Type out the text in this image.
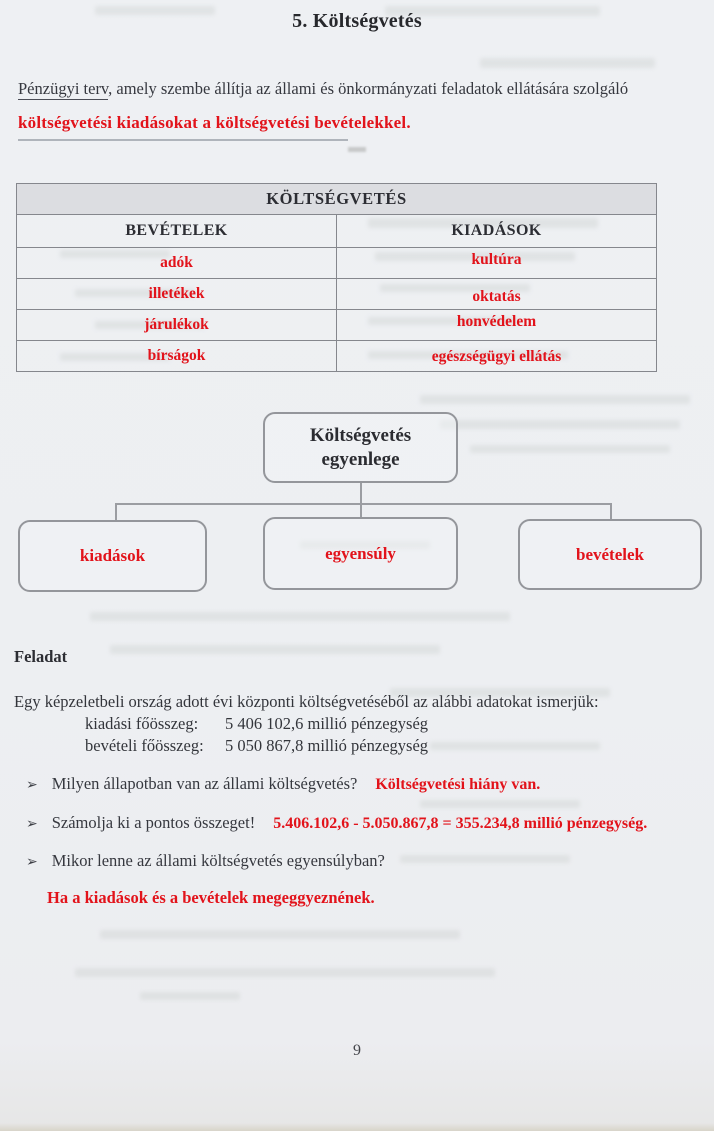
5. Költségvetés
Pénzügyi terv, amely szembe állítja az állami és önkormányzati feladatok ellátására szolgáló
költségvetési kiadásokat a költségvetési bevételekkel.
KÖLTSÉGVETÉS	
BEVÉTELEK	KIADÁSOK
adók	kultúra
illetékek	oktatás
járulékok	honvédelem
bírságok	egészségügyi ellátás
Költségvetés egyenlege
kiadások	egyensúly	bevételek
Feladat
Egy képzeletbeli ország adott évi központi költségvetéséből az alábbi adatokat ismerjük:
kiadási főösszeg: 5 406 102,6 millió pénzegység
bevételi főösszeg: 5 050 867,8 millió pénzegység
➢ Milyen állapotban van az állami költségvetés? Költségvetési hiány van.
➢ Számolja ki a pontos összeget! 5.406.102,6 - 5.050.867,8 = 355.234,8 millió pénzegység.
➢ Mikor lenne az állami költségvetés egyensúlyban?
Ha a kiadások és a bevételek megeggyeznének.
9
